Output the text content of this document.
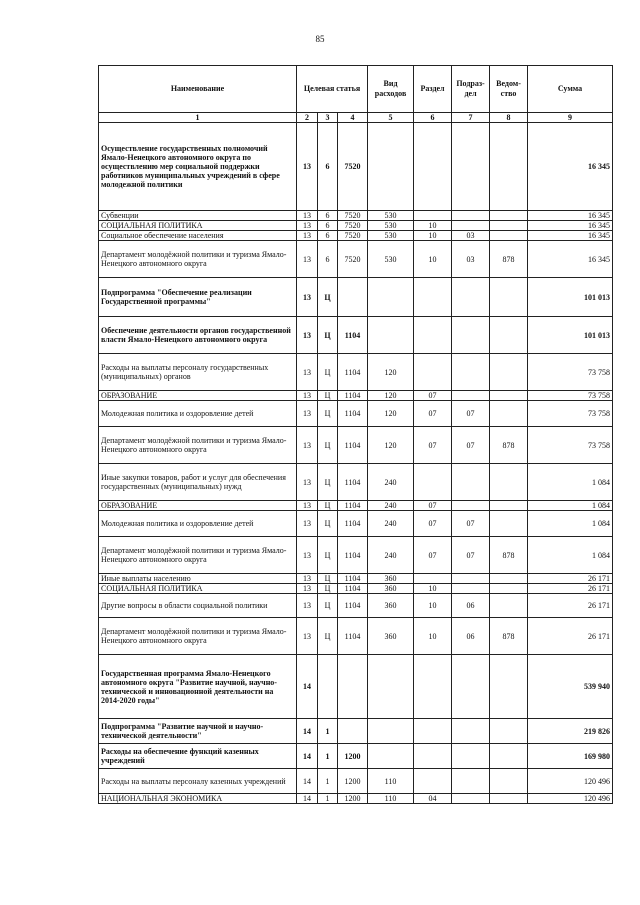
85
Наименование	Целевая статья			Вид расходов	Раздел	Подраз-дел	Ведом-ство	Сумма
1	2	3	4	5	6	7	8	9
Осуществление государственных полномочий Ямало-Ненецкого автономного округа по осуществлению мер социальной поддержки работников муниципальных учреждений в сфере молодежной политики	13	6	7520					16 345
Субвенции	13	6	7520	530				16 345
СОЦИАЛЬНАЯ ПОЛИТИКА	13	6	7520	530	10			16 345
Социальное обеспечение населения	13	6	7520	530	10	03		16 345
Департамент молодёжной политики и туризма Ямало-Ненецкого автономного округа	13	6	7520	530	10	03	878	16 345
Подпрограмма "Обеспечение реализации Государственной программы"	13	Ц						101 013
Обеспечение деятельности органов государственной власти Ямало-Ненецкого автономного округа	13	Ц	1104					101 013
Расходы на выплаты персоналу государственных (муниципальных) органов	13	Ц	1104	120				73 758
ОБРАЗОВАНИЕ	13	Ц	1104	120	07			73 758
Молодежная политика и оздоровление детей	13	Ц	1104	120	07	07		73 758
Департамент молодёжной политики и туризма Ямало-Ненецкого автономного округа	13	Ц	1104	120	07	07	878	73 758
Иные закупки товаров, работ и услуг для обеспечения государственных (муниципальных) нужд	13	Ц	1104	240				1 084
ОБРАЗОВАНИЕ	13	Ц	1104	240	07			1 084
Молодежная политика и оздоровление детей	13	Ц	1104	240	07	07		1 084
Департамент молодёжной политики и туризма Ямало-Ненецкого автономного округа	13	Ц	1104	240	07	07	878	1 084
Иные выплаты населению	13	Ц	1104	360				26 171
СОЦИАЛЬНАЯ ПОЛИТИКА	13	Ц	1104	360	10			26 171
Другие вопросы в области социальной политики	13	Ц	1104	360	10	06		26 171
Департамент молодёжной политики и туризма Ямало-Ненецкого автономного округа	13	Ц	1104	360	10	06	878	26 171
Государственная программа Ямало-Ненецкого автономного округа "Развитие научной, научно-технической и инновационной деятельности на 2014-2020 годы"	14							539 940
Подпрограмма "Развитие научной и научно-технической деятельности"	14	1						219 826
Расходы на обеспечение функций казенных учреждений	14	1	1200					169 980
Расходы на выплаты персоналу казенных учреждений	14	1	1200	110				120 496
НАЦИОНАЛЬНАЯ ЭКОНОМИКА	14	1	1200	110	04			120 496
